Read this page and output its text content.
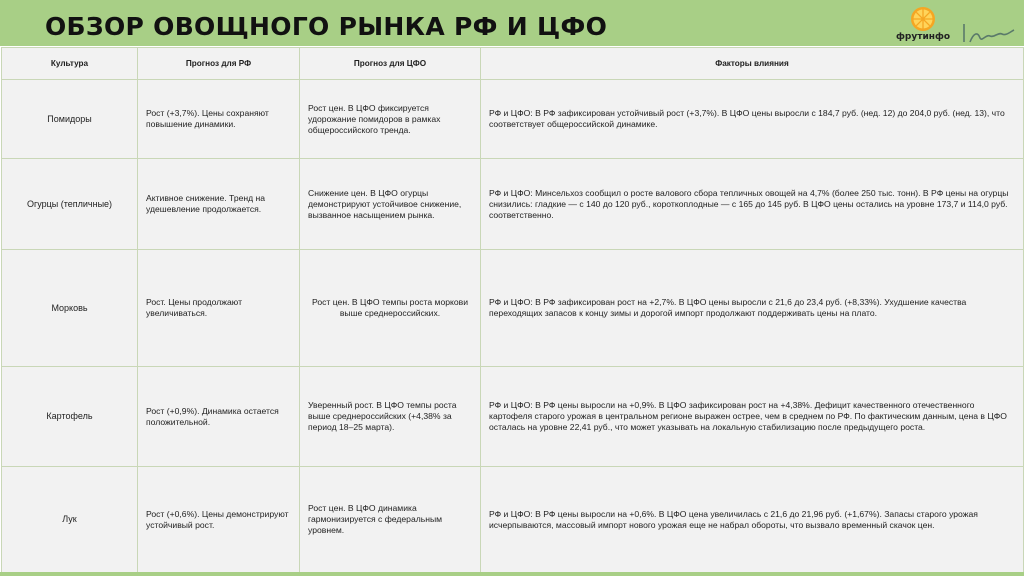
ОБЗОР ОВОЩНОГО РЫНКА РФ И ЦФО	фрутинфо
Культура	Прогноз для РФ	Прогноз для ЦФО	Факторы влияния
Помидоры	Рост (+3,7%). Цены сохраняют повышение динамики.	Рост цен. В ЦФО фиксируется удорожание помидоров в рамках общероссийского тренда.	РФ и ЦФО: В РФ зафиксирован устойчивый рост (+3,7%). В ЦФО цены выросли с 184,7 руб. (нед. 12) до 204,0 руб. (нед. 13), что соответствует общероссийской динамике.
Огурцы (тепличные)	Активное снижение. Тренд на удешевление продолжается.	Снижение цен. В ЦФО огурцы демонстрируют устойчивое снижение, вызванное насыщением рынка.	РФ и ЦФО: Минсельхоз сообщил о росте валового сбора тепличных овощей на 4,7% (более 250 тыс. тонн). В РФ цены на огурцы снизились: гладкие — с 140 до 120 руб., короткоплодные — с 165 до 145 руб. В ЦФО цены остались на уровне 173,7 и 114,0 руб. соответственно.
Морковь	Рост. Цены продолжают увеличиваться.	Рост цен. В ЦФО темпы роста моркови выше среднероссийских.	РФ и ЦФО: В РФ зафиксирован рост на +2,7%. В ЦФО цены выросли с 21,6 до 23,4 руб. (+8,33%). Ухудшение качества переходящих запасов к концу зимы и дорогой импорт продолжают поддерживать цены на плато.
Картофель	Рост (+0,9%). Динамика остается положительной.	Уверенный рост. В ЦФО темпы роста выше среднероссийских (+4,38% за период 18–25 марта).	РФ и ЦФО: В РФ цены выросли на +0,9%. В ЦФО зафиксирован рост на +4,38%. Дефицит качественного отечественного картофеля старого урожая в центральном регионе выражен острее, чем в среднем по РФ. По фактическим данным, цена в ЦФО осталась на уровне 22,41 руб., что может указывать на локальную стабилизацию после предыдущего роста.
Лук	Рост (+0,6%). Цены демонстрируют устойчивый рост.	Рост цен. В ЦФО динамика гармонизируется с федеральным уровнем.	РФ и ЦФО: В РФ цены выросли на +0,6%. В ЦФО цена увеличилась с 21,6 до 21,96 руб. (+1,67%). Запасы старого урожая исчерпываются, массовый импорт нового урожая еще не набрал обороты, что вызвало временный скачок цен.
